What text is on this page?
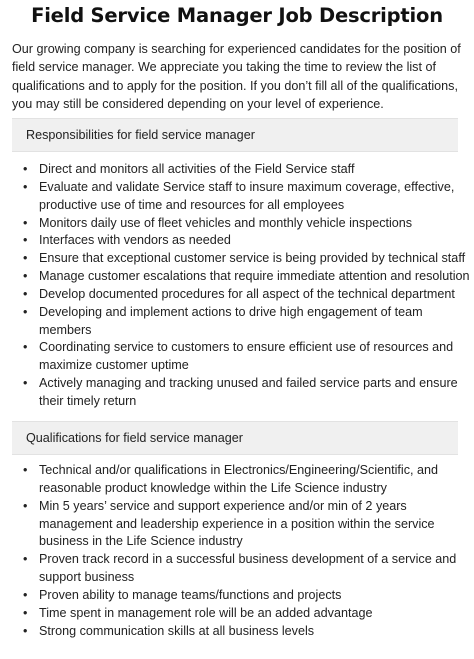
Field Service Manager Job Description
Our growing company is searching for experienced candidates for the position of
field service manager. We appreciate you taking the time to review the list of
qualifications and to apply for the position. If you don’t fill all of the qualifications,
you may still be considered depending on your level of experience.
Responsibilities for field service manager
• Direct and monitors all activities of the Field Service staff
• Evaluate and validate Service staff to insure maximum coverage, effective,
productive use of time and resources for all employees
• Monitors daily use of fleet vehicles and monthly vehicle inspections
• Interfaces with vendors as needed
• Ensure that exceptional customer service is being provided by technical staff
• Manage customer escalations that require immediate attention and resolution
• Develop documented procedures for all aspect of the technical department
• Developing and implement actions to drive high engagement of team
members
• Coordinating service to customers to ensure efficient use of resources and
maximize customer uptime
• Actively managing and tracking unused and failed service parts and ensure
their timely return
Qualifications for field service manager
• Technical and/or qualifications in Electronics/Engineering/Scientific, and
reasonable product knowledge within the Life Science industry
• Min 5 years’ service and support experience and/or min of 2 years
management and leadership experience in a position within the service
business in the Life Science industry
• Proven track record in a successful business development of a service and
support business
• Proven ability to manage teams/functions and projects
• Time spent in management role will be an added advantage
• Strong communication skills at all business levels
